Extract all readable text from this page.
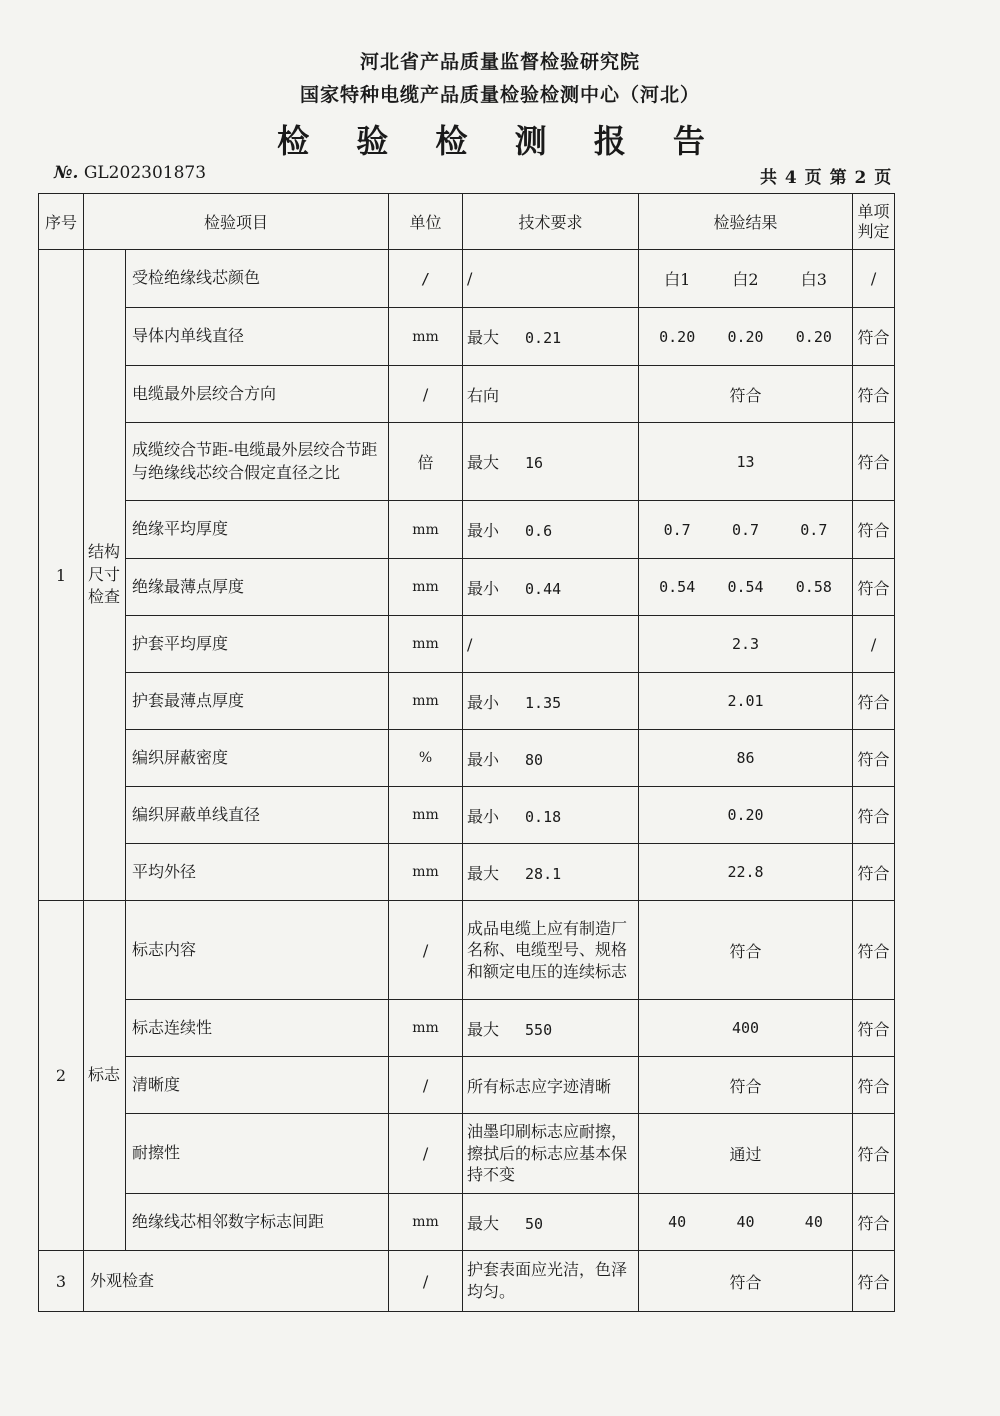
河北省产品质量监督检验研究院
国家特种电缆产品质量检验检测中心（河北）
检 验 检 测 报 告
№. GL202301873	共 4 页 第 2 页
序号	检验项目		单位	技术要求	检验结果	单项判定
1	结构尺寸检查	受检绝缘线芯颜色	/	/	白1 白2 白3	/
		导体内单线直径	mm	最大 0.21	0.20 0.20 0.20	符合
		电缆最外层绞合方向	/	右向	符合	符合
		成缆绞合节距-电缆最外层绞合节距与绝缘线芯绞合假定直径之比	倍	最大 16	13	符合
		绝缘平均厚度	mm	最小 0.6	0.7 0.7 0.7	符合
		绝缘最薄点厚度	mm	最小 0.44	0.54 0.54 0.58	符合
		护套平均厚度	mm	/	2.3	/
		护套最薄点厚度	mm	最小 1.35	2.01	符合
		编织屏蔽密度	%	最小 80	86	符合
		编织屏蔽单线直径	mm	最小 0.18	0.20	符合
		平均外径	mm	最大 28.1	22.8	符合
2	标志	标志内容	/	成品电缆上应有制造厂名称、电缆型号、规格和额定电压的连续标志	符合	符合
		标志连续性	mm	最大 550	400	符合
		清晰度	/	所有标志应字迹清晰	符合	符合
		耐擦性	/	油墨印刷标志应耐擦，擦拭后的标志应基本保持不变	通过	符合
		绝缘线芯相邻数字标志间距	mm	最大 50	40 40 40	符合
3	外观检查		/	护套表面应光洁，色泽均匀。	符合	符合
